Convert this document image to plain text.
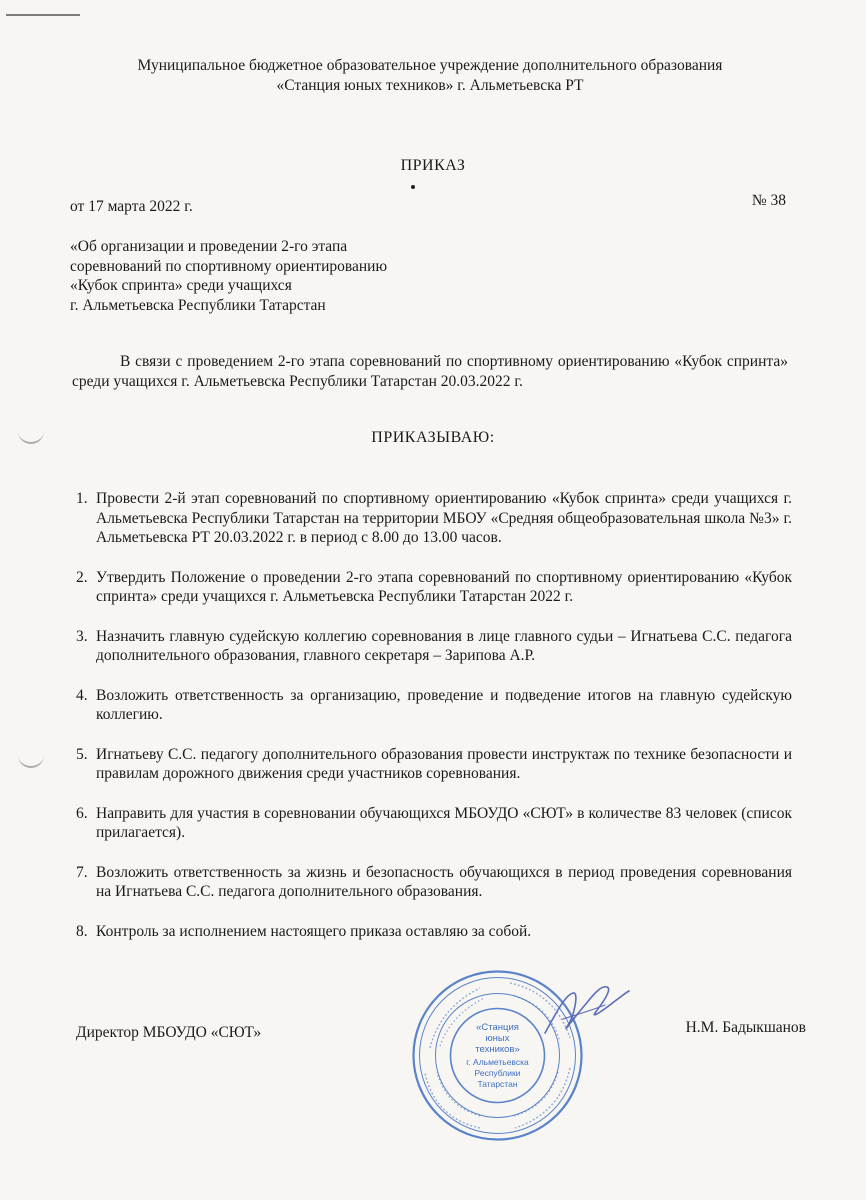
Муниципальное бюджетное образовательное учреждение дополнительного образования
«Станция юных техников» г. Альметьевска РТ
ПРИКАЗ
от 17 марта 2022 г.	№ 38
«Об организации и проведении 2-го этапа
соревнований по спортивному ориентированию
«Кубок спринта» среди учащихся
г. Альметьевска Республики Татарстан
В связи с проведением 2-го этапа соревнований по спортивному ориентированию «Кубок спринта» среди учащихся г. Альметьевска Республики Татарстан 20.03.2022 г.
ПРИКАЗЫВАЮ:
1. Провести 2-й этап соревнований по спортивному ориентированию «Кубок спринта» среди учащихся г. Альметьевска Республики Татарстан на территории МБОУ «Средняя общеобразовательная школа №3» г. Альметьевска РТ 20.03.2022 г. в период с 8.00 до 13.00 часов.
2. Утвердить Положение о проведении 2-го этапа соревнований по спортивному ориентированию «Кубок спринта» среди учащихся г. Альметьевска Республики Татарстан 2022 г.
3. Назначить главную судейскую коллегию соревнования в лице главного судьи – Игнатьева С.С. педагога дополнительного образования, главного секретаря – Зарипова А.Р.
4. Возложить ответственность за организацию, проведение и подведение итогов на главную судейскую коллегию.
5. Игнатьеву С.С. педагогу дополнительного образования провести инструктаж по технике безопасности и правилам дорожного движения среди участников соревнования.
6. Направить для участия в соревновании обучающихся МБОУДО «СЮТ» в количестве 83 человек (список прилагается).
7. Возложить ответственность за жизнь и безопасность обучающихся в период проведения соревнования на Игнатьева С.С. педагога дополнительного образования.
8. Контроль за исполнением настоящего приказа оставляю за собой.
Директор МБОУДО «СЮТ»	Н.М. Бадыкшанов
«Станция
юных
техников»
г. Альметьевска
Республики
Татарстан
